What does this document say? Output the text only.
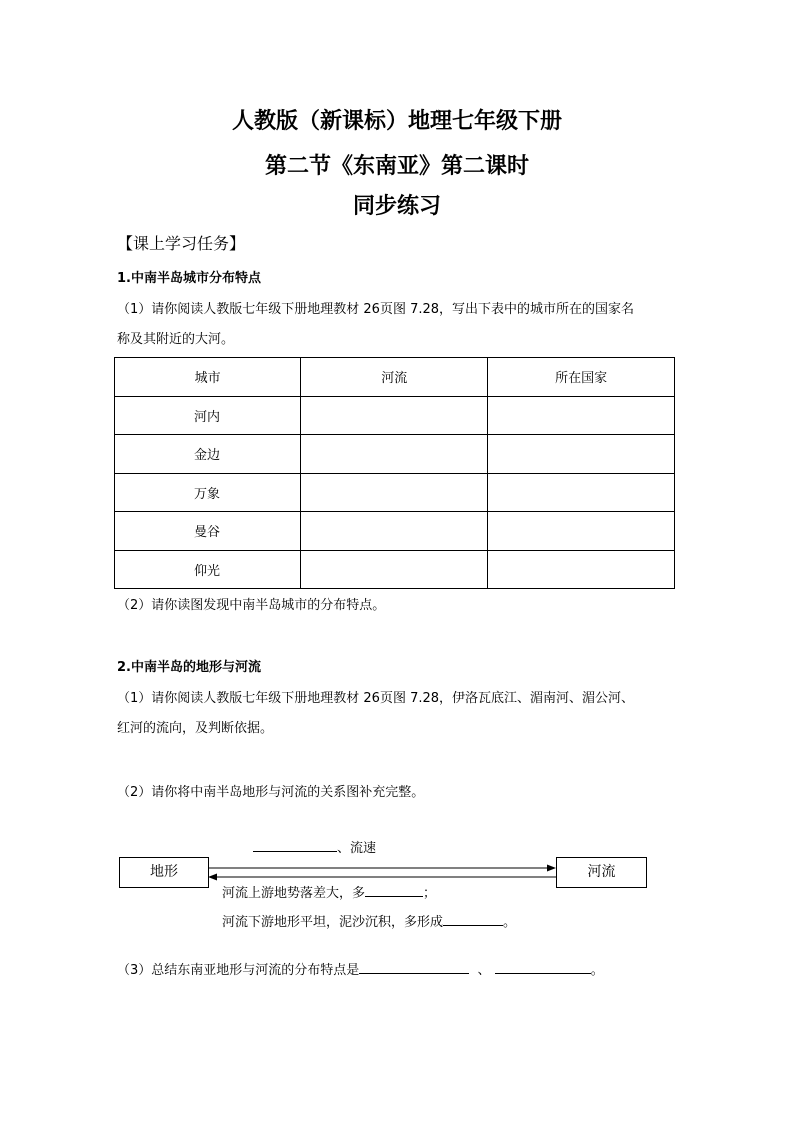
人教版（新课标）地理七年级下册
第二节《东南亚》第二课时
同步练习
【课上学习任务】
1.中南半岛城市分布特点
（1）请你阅读人教版七年级下册地理教材 26页图 7.28，写出下表中的城市所在的国家名
称及其附近的大河。
城市	河流	所在国家
河内		
金边		
万象		
曼谷		
仰光		
（2）请你读图发现中南半岛城市的分布特点。
2.中南半岛的地形与河流
（1）请你阅读人教版七年级下册地理教材 26页图 7.28，伊洛瓦底江、湄南河、湄公河、
红河的流向，及判断依据。
（2）请你将中南半岛地形与河流的关系图补充完整。
地形	河流
、流速
河流上游地势落差大，多	；
河流下游地形平坦，泥沙沉积，多形成	。
（3）总结东南亚地形与河流的分布特点是	、	。
